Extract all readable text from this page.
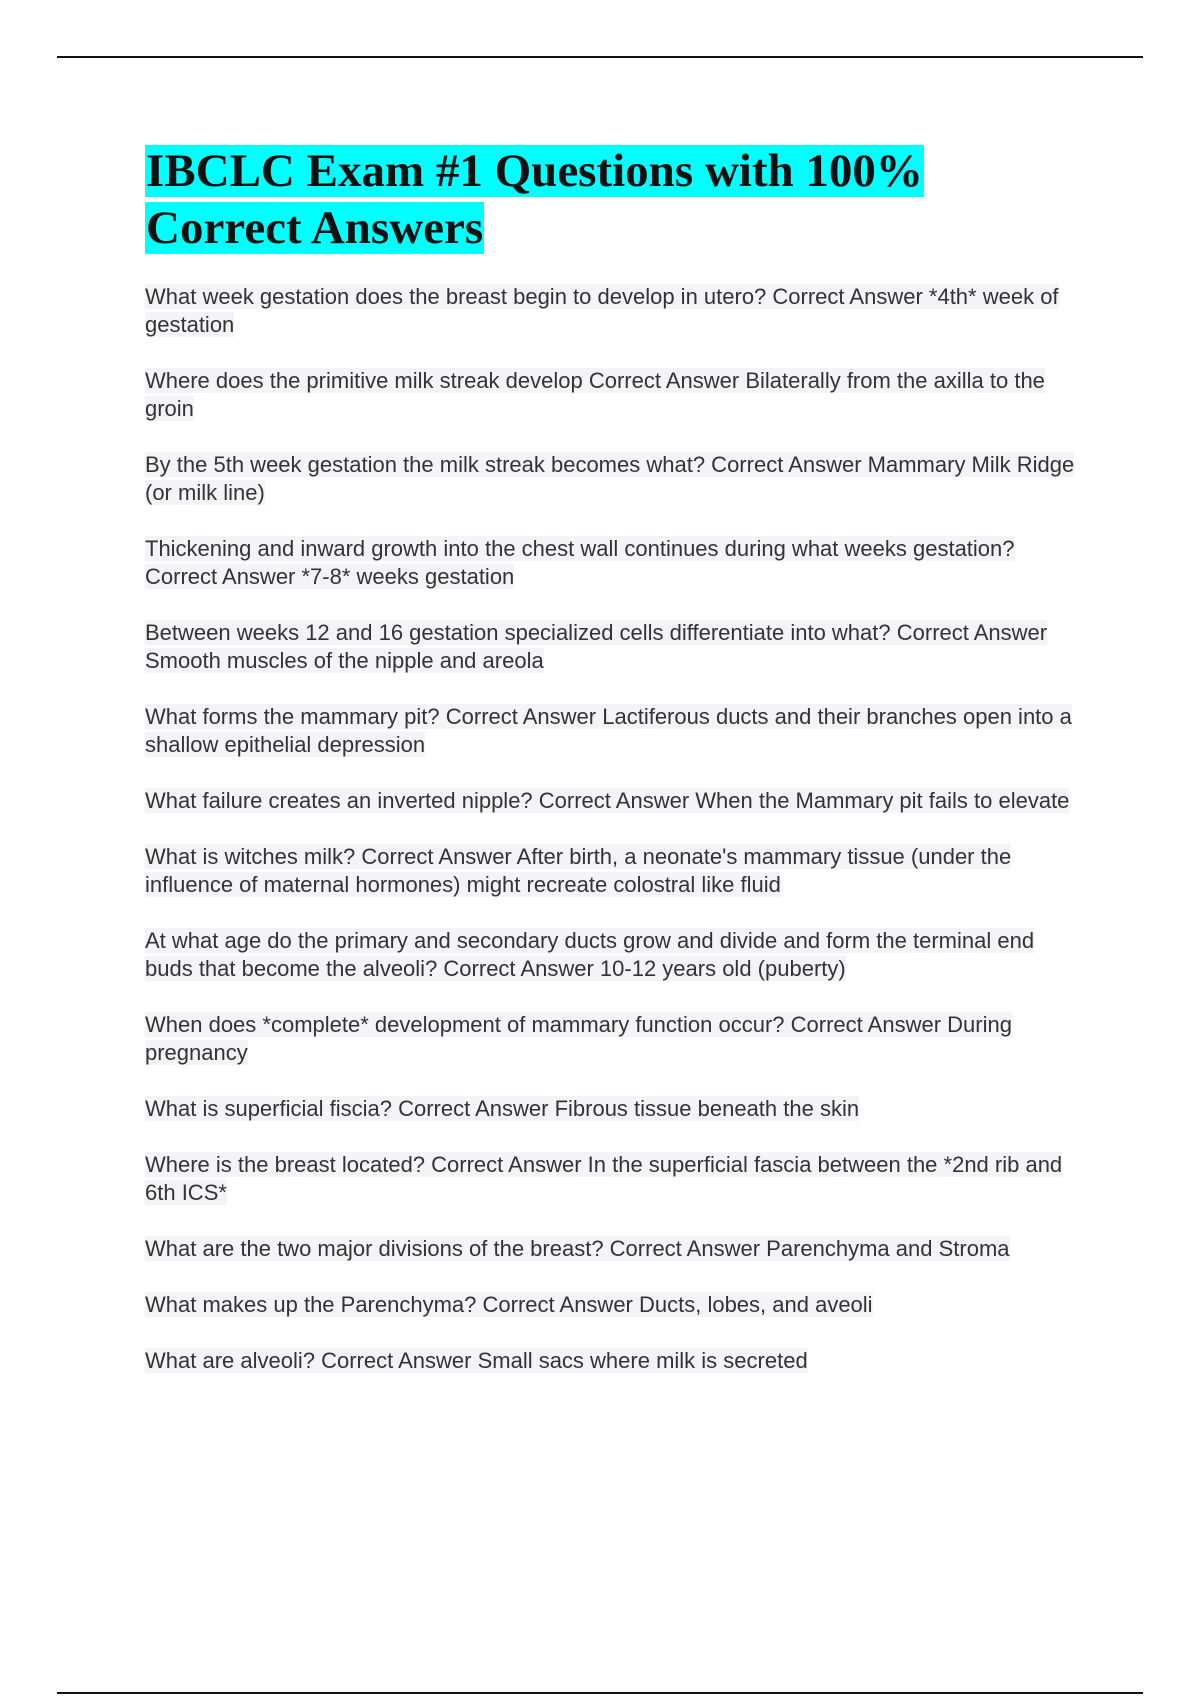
IBCLC Exam #1 Questions with 100% Correct Answers
What week gestation does the breast begin to develop in utero? Correct Answer *4th* week of gestation
Where does the primitive milk streak develop Correct Answer Bilaterally from the axilla to the groin
By the 5th week gestation the milk streak becomes what? Correct Answer Mammary Milk Ridge (or milk line)
Thickening and inward growth into the chest wall continues during what weeks gestation? Correct Answer *7-8* weeks gestation
Between weeks 12 and 16 gestation specialized cells differentiate into what? Correct Answer Smooth muscles of the nipple and areola
What forms the mammary pit? Correct Answer Lactiferous ducts and their branches open into a shallow epithelial depression
What failure creates an inverted nipple? Correct Answer When the Mammary pit fails to elevate
What is witches milk? Correct Answer After birth, a neonate's mammary tissue (under the influence of maternal hormones) might recreate colostral like fluid
At what age do the primary and secondary ducts grow and divide and form the terminal end buds that become the alveoli? Correct Answer 10-12 years old (puberty)
When does *complete* development of mammary function occur? Correct Answer During pregnancy
What is superficial fiscia? Correct Answer Fibrous tissue beneath the skin
Where is the breast located? Correct Answer In the superficial fascia between the *2nd rib and 6th ICS*
What are the two major divisions of the breast? Correct Answer Parenchyma and Stroma
What makes up the Parenchyma? Correct Answer Ducts, lobes, and aveoli
What are alveoli? Correct Answer Small sacs where milk is secreted
